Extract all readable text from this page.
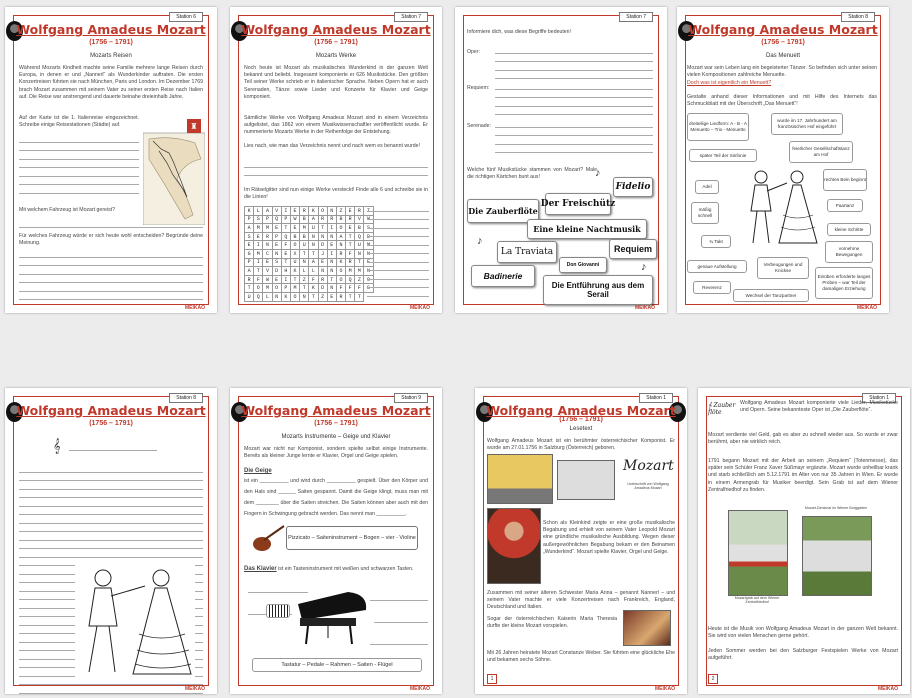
Station 6
Wolfgang Amadeus Mozart
(1756 – 1791)
Mozarts Reisen
Während Mozarts Kindheit machte seine Familie mehrere lange Reisen durch Europa, in denen er und „Nannerl“ als Wunderkinder auftraten. Die ersten Konzertreisen führten sie nach München, Paris und London. Im Dezember 1769 brach Mozart zusammen mit seinem Vater zu seiner ersten Reise nach Italien auf. Die Reise war anstrengend und dauerte beinahe dreieinhalb Jahre.
Auf der Karte ist die 1. Italienreise eingezeichnet. Schreibe einige Reisestationen (Städte) auf.	♜
Mit welchem Fahrzeug ist Mozart gereist?
Für welches Fahrzeug würde er sich heute wohl entscheiden? Begründe deine Meinung.
MEIKAO
Station 7
Wolfgang Amadeus Mozart
(1756 – 1791)
Mozarts Werke
Noch heute ist Mozart als musikalisches Wunderkind in der ganzen Welt bekannt und beliebt. Insgesamt komponierte er 626 Musikstücke. Den größten Teil seiner Werke schrieb er in italienischer Sprache. Neben Opern hat er auch Serenaden, Tänze sowie Lieder und Konzerte für Klavier und Geige komponiert.
Sämtliche Werke von Wolfgang Amadeus Mozart sind in einem Verzeichnis aufgelistet, das 1862 von einem Musikwissenschaftler veröffentlicht wurde. Er nummerierte Mozarts Werke in der Reihenfolge der Entstehung.
Lies nach, wie man das Verzeichnis nennt und nach wem es benannt wurde!
Im Rätselgitter sind nun einige Werke versteckt! Finde alle 6 und schreibe sie in die Linien!
K	L	A	V	I	E	R	K	O	N	Z	E	R	T
P	S	P	Q	P	W	B	A	R	R	B	R	V	W
A	M	M	E	T	E	M	U	T	I	O	E	B	S
S	E	R	P	Q	B	B	N	N	N	A	T	Q	D
E	I	N	E	F	O	U	N	D	E	N	T	U	M
G	M	C	N	E	X	T	T	J	I	R	F	N	N
P	I	E	S	T	U	N	A	E	N	K	R	T	E
A	T	V	D	H	K	L	L	N	N	O	M	M	N
R	F	W	E	I	T	Z	F	R	T	O	Q	Z	O
T	O	M	O	P	M	T	K	D	N	F	F	F	S
U	Q	L	N	K	O	N	T	Z	E	R	T	T	
MEIKAO
Station 7
Informiere dich, was diese Begriffe bedeuten!
Oper:
Requiem:
Serenade:
Welche fünf Musikstücke stammen von Mozart? Male die richtigen Kärtchen bunt aus!	♪
Fidelio
Die Zauberflöte
Der Freischütz
Eine kleine Nachtmusik
♪
La Traviata	Requiem
Don Giovanni
Badinerie
♪
Die Entführung aus dem Serail
MEIKAO
Station 8
Wolfgang Amadeus Mozart
(1756 – 1791)
Das Menuett
Mozart war sein Leben lang ein begeisterter Tänzer. So befinden sich unter seinen vielen Kompositionen zahlreiche Menuette.
Doch was ist eigentlich ein Menuett?
Gestalte anhand dieser Informationen und mit Hilfe des Internets das Schmuckblatt mit der Überschrift „Das Menuett“!
dreiteilige Liedform: A - B - A Menuetto – Trio - Menuetto
wurde im 17. Jahrhundert am französischen Hof eingeführt
später Teil der Sinfonie
feierlicher Gesellschaftstanz am Hof
Adel
mäßig schnell
rechtes Bein beginnt
Paartanz
kleine Schritte
¾ Takt
vornehme Bewegungen
genaue Aufstellung	Verbeugungen und Knickse
Einüben erforderte langes Proben – war Teil der damaligen Erziehung
Reverenz
Wechsel der Tanzpartner
MEIKAO
Station 8
Wolfgang Amadeus Mozart
(1756 – 1791)
𝄞
MEIKAO
Station 9
Wolfgang Amadeus Mozart
(1756 – 1791)
Mozarts Instrumente – Geige und Klavier
Mozart war nicht nur Komponist, sondern spielte selbst einige Instrumente. Bereits als kleiner Junge lernte er Klavier, Orgel und Geige spielen.
Die Geige
ist ein __________ und wird durch __________ gespielt. Über den Körper und den Hals sind ______ Saiten gespannt. Damit die Geige klingt, muss man mit dem ________ über die Saiten streichen. Die Saiten können aber auch mit den Fingern in Schwingung gebracht werden. Das nennt man __________.
Pizzicato – Saiteninstrument – Bogen – vier - Violine
Das Klavier ist ein Tasteninstrument mit weißen und schwarzen Tasten.
Tastatur – Pedale – Rahmen – Saiten - Flügel
MEIKAO
Station 1
Wolfgang Amadeus Mozart
(1756 – 1791)
Lesetext
Wolfgang Amadeus Mozart ist ein berühmter österreichischer Komponist. Er wurde am 27.01.1756 in Salzburg (Österreich) geboren.
Mozart
Unterschrift von Wolfgang Amadeus Mozart
Schon als Kleinkind zeigte er eine große musikalische Begabung und erhielt von seinem Vater Leopold Mozart eine gründliche musikalische Ausbildung. Wegen dieser außergewöhnlichen Begabung bekam er den Beinamen „Wunderkind“. Mozart spielte Klavier, Orgel und Geige.
Zusammen mit seiner älteren Schwester Maria Anna – genannt Nannerl – und seinem Vater machte er viele Konzertreisen nach Frankreich, England, Deutschland und Italien.
Sogar der österreichischen Kaiserin Maria Theresia durfte der kleine Mozart vorspielen.
Mit 26 Jahren heiratete Mozart Constanze Weber. Sie führten eine glückliche Ehe und bekamen sechs Söhne.
1
MEIKAO
Station 1
𝄞 Zauber flöte
Wolfgang Amadeus Mozart komponierte viele Lieder, Musikstücke und Opern. Seine bekannteste Oper ist „Die Zauberflöte“.
Mozart verdiente viel Geld, gab es aber zu schnell wieder aus. So wurde er zwar berühmt, aber nie wirklich reich.
1791 begann Mozart mit der Arbeit an seinem „Requiem“ (Totenmesse), das später sein Schüler Franz Xaver Süßmayr ergänzte. Mozart wurde unheilbar krank und starb schließlich am 5.12.1791 im Alter von nur 35 Jahren in Wien. Er wurde in einem Armengrab für Musiker beerdigt. Sein Grab ist auf dem Wiener Zentralfriedhof zu finden.
Mozart-Denkmal im Wiener Burggarten
Mozartgrab auf dem Wiener Zentralfriedhof
Heute ist die Musik von Wolfgang Amadeus Mozart in der ganzen Welt bekannt. Sie wird von vielen Menschen gerne gehört.
Jeden Sommer werden bei den Salzburger Festspielen Werke von Mozart aufgeführt.
2
MEIKAO
